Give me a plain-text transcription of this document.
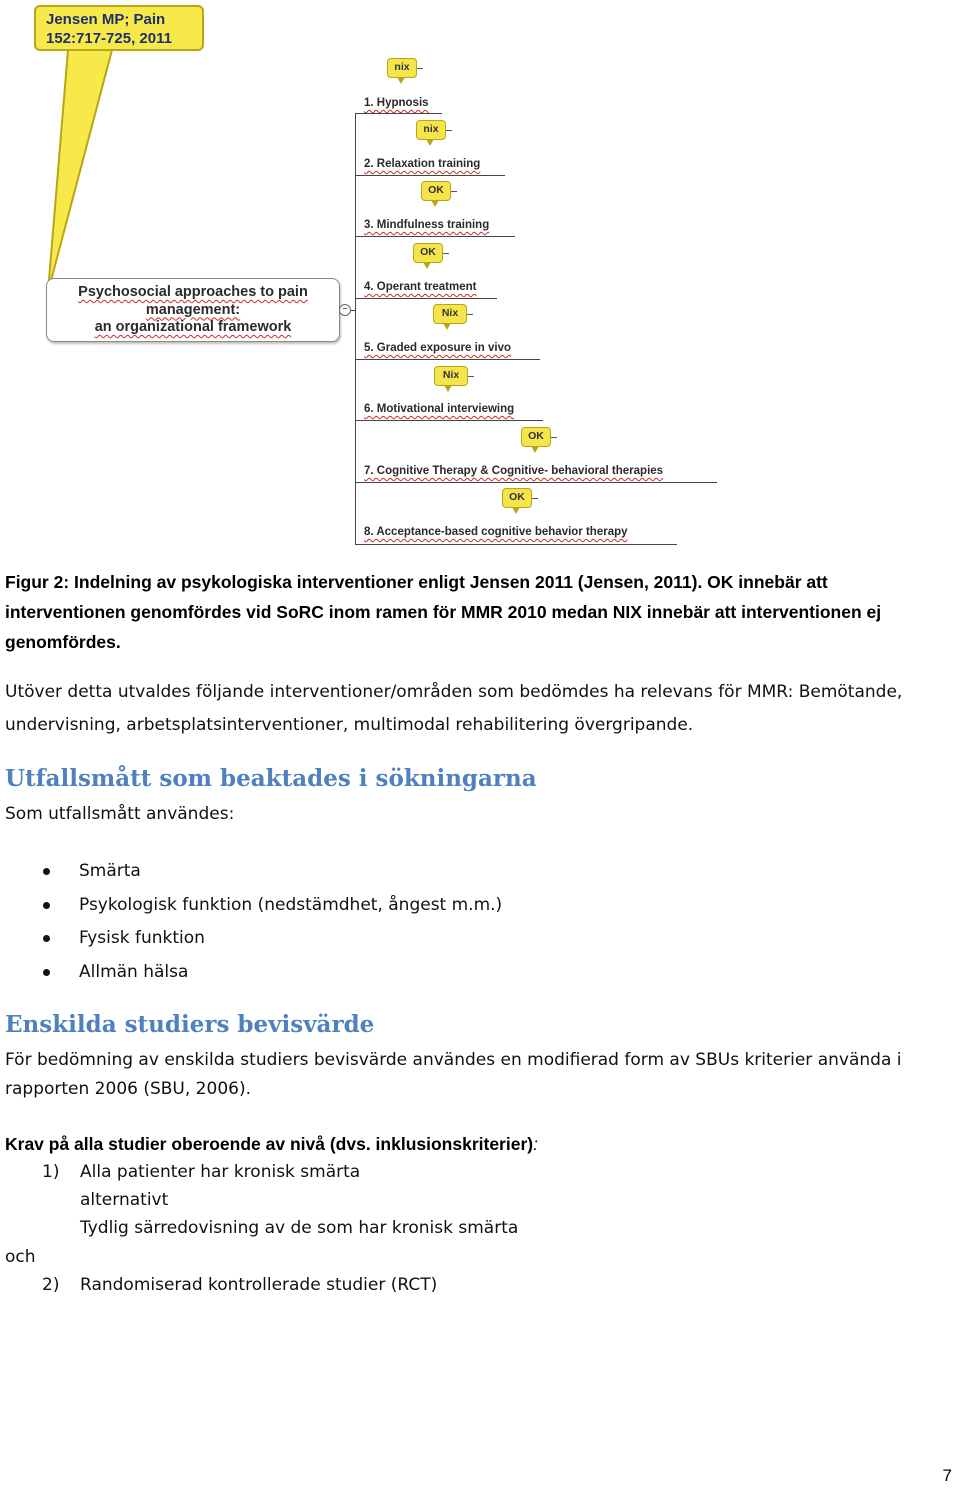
Jensen MP; Pain
152:717-725, 2011
Psychosocial approaches to pain
management:
an organizational framework
−
1. Hypnosis
2. Relaxation training
3. Mindfulness training
4. Operant treatment
5. Graded exposure in vivo
6. Motivational interviewing
7. Cognitive Therapy & Cognitive- behavioral therapies
8. Acceptance-based cognitive behavior therapy
nix
nix
OK
OK
Nix
Nix
OK
OK
Figur 2: Indelning av psykologiska interventioner enligt Jensen 2011 (Jensen, 2011). OK innebär att interventionen genomfördes vid SoRC inom ramen för MMR 2010 medan NIX innebär att interventionen ej genomfördes.
Utöver detta utvaldes följande interventioner/områden som bedömdes ha relevans för MMR: Bemötande, undervisning, arbetsplatsinterventioner, multimodal rehabilitering övergripande.
Utfallsmått som beaktades i sökningarna
Som utfallsmått användes:
Smärta
Psykologisk funktion (nedstämdhet, ångest m.m.)
Fysisk funktion
Allmän hälsa
Enskilda studiers bevisvärde
För bedömning av enskilda studiers bevisvärde användes en modifierad form av SBUs kriterier använda i rapporten 2006 (SBU, 2006).
Krav på alla studier oberoende av nivå (dvs. inklusionskriterier):
1) Alla patienter har kronisk smärta
alternativt
Tydlig särredovisning av de som har kronisk smärta
och
2) Randomiserad kontrollerade studier (RCT)
7
